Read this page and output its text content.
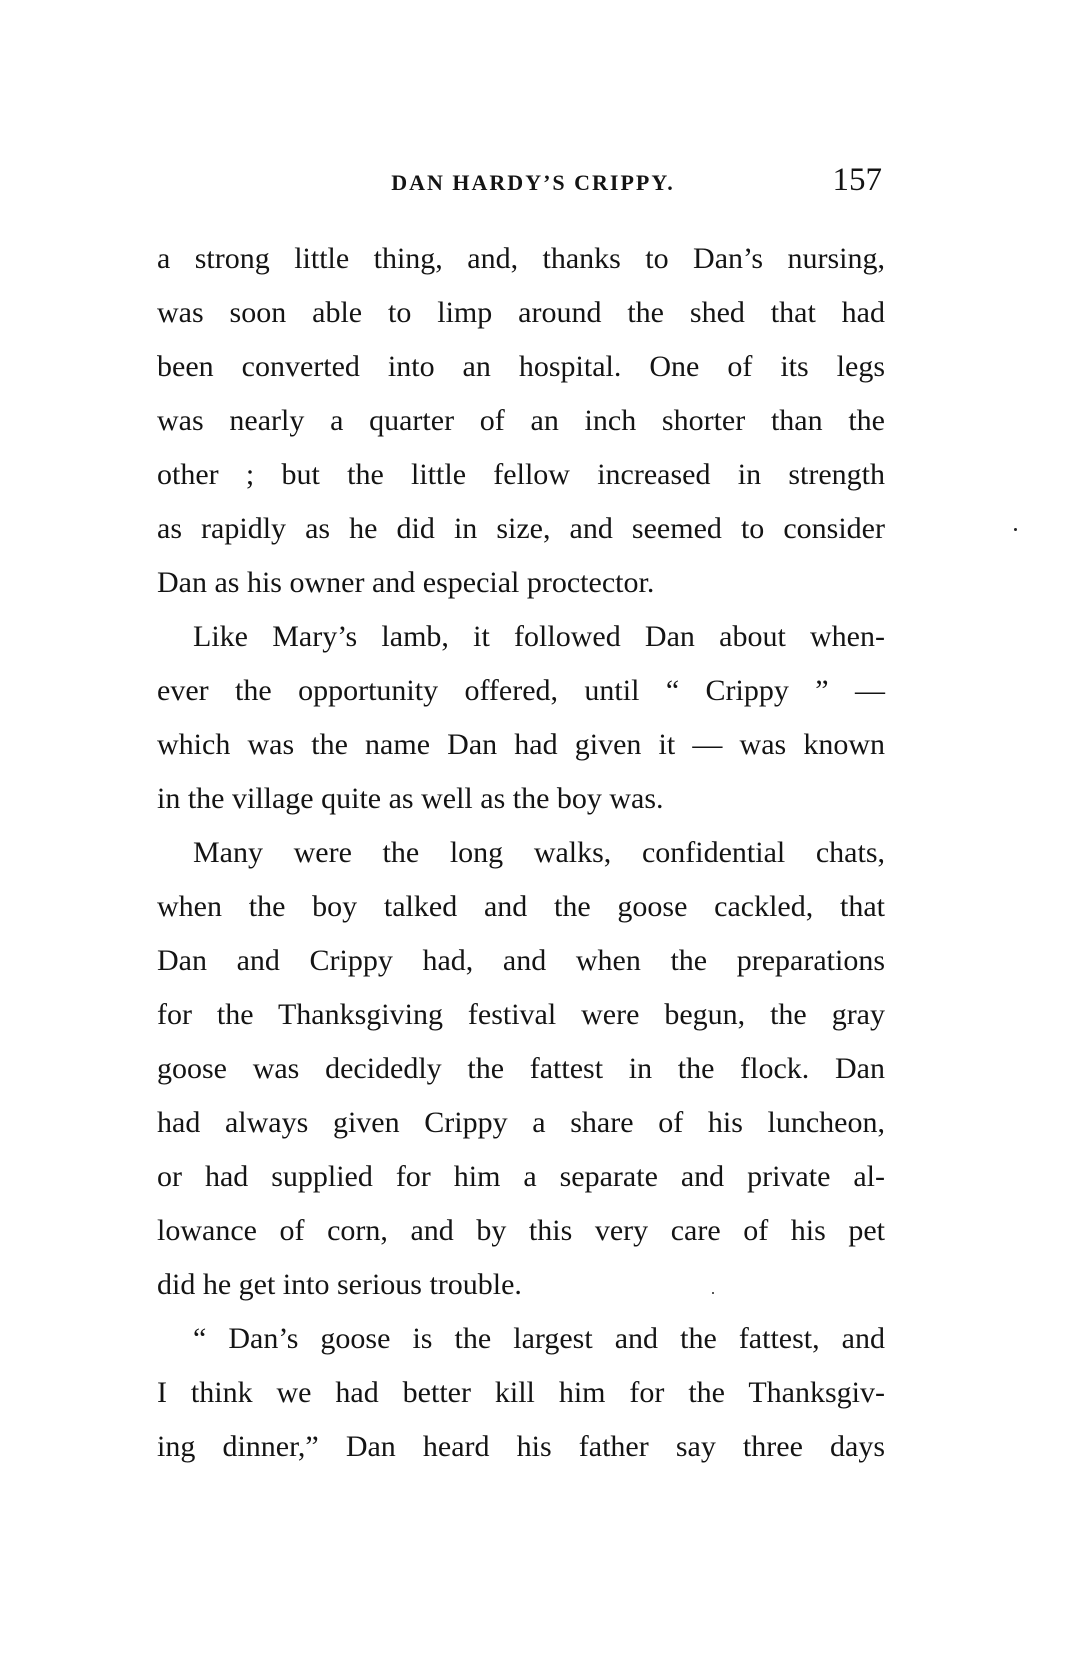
DAN HARDY’S CRIPPY.	157
a strong little thing, and, thanks to Dan’s nursing,
was soon able to limp around the shed that had
been converted into an hospital. One of its legs
was nearly a quarter of an inch shorter than the
other ; but the little fellow increased in strength
as rapidly as he did in size, and seemed to consider
Dan as his owner and especial proctector.
Like Mary’s lamb, it followed Dan about when-
ever the opportunity offered, until “ Crippy ” —
which was the name Dan had given it — was known
in the village quite as well as the boy was.
Many were the long walks, confidential chats,
when the boy talked and the goose cackled, that
Dan and Crippy had, and when the preparations
for the Thanksgiving festival were begun, the gray
goose was decidedly the fattest in the flock. Dan
had always given Crippy a share of his luncheon,
or had supplied for him a separate and private al-
lowance of corn, and by this very care of his pet
did he get into serious trouble.
“ Dan’s goose is the largest and the fattest, and
I think we had better kill him for the Thanksgiv-
ing dinner,” Dan heard his father say three days
